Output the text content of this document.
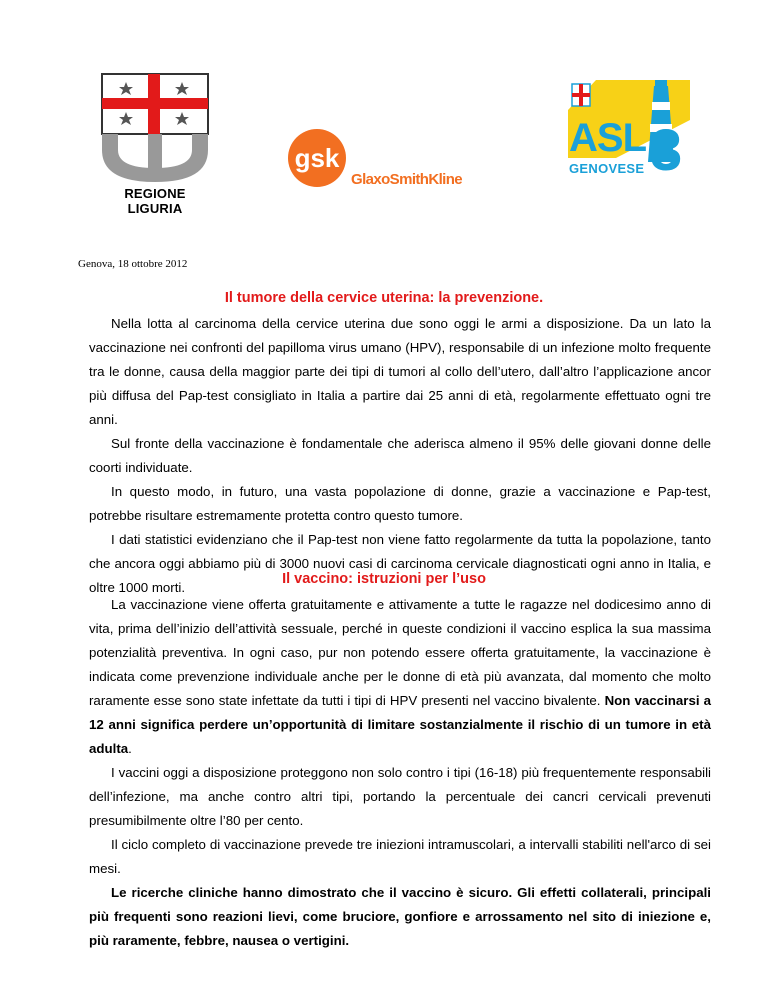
REGIONE LIGURIA
gsk
GlaxoSmithKline
ASL 3
GENOVESE
Genova, 18 ottobre 2012
Il tumore della cervice uterina: la prevenzione.

Nella lotta al carcinoma della cervice uterina due sono oggi le armi a disposizione. Da un lato la vaccinazione nei confronti del papilloma virus umano (HPV), responsabile di un infezione molto frequente tra le donne, causa della maggior parte dei tipi di tumori al collo dell’utero, dall’altro l’applicazione ancor più diffusa del Pap-test consigliato in Italia a partire dai 25 anni di età, regolarmente effettuato ogni tre anni.

Sul fronte della vaccinazione è fondamentale che aderisca almeno il 95% delle giovani donne delle coorti individuate.

In questo modo, in futuro, una vasta popolazione di donne, grazie a vaccinazione e Pap-test, potrebbe risultare estremamente protetta contro questo tumore.

I dati statistici evidenziano che il Pap-test non viene fatto regolarmente da tutta la popolazione, tanto che ancora oggi abbiamo più di 3000 nuovi casi di carcinoma cervicale diagnosticati ogni anno in Italia, e oltre 1000 morti.

Il vaccino: istruzioni per l’uso

La vaccinazione viene offerta gratuitamente e attivamente a tutte le ragazze nel dodicesimo anno di vita, prima dell’inizio dell’attività sessuale, perché in queste condizioni il vaccino esplica la sua massima potenzialità preventiva. In ogni caso, pur non potendo essere offerta gratuitamente, la vaccinazione è indicata come prevenzione individuale anche per le donne di età più avanzata, dal momento che molto raramente esse sono state infettate da tutti i tipi di HPV presenti nel vaccino bivalente. Non vaccinarsi a 12 anni significa perdere un’opportunità di limitare sostanzialmente il rischio di un tumore in età adulta.

I vaccini oggi a disposizione proteggono non solo contro i tipi (16-18) più frequentemente responsabili dell’infezione, ma anche contro altri tipi, portando la percentuale dei cancri cervicali prevenuti presumibilmente oltre l’80 per cento.

Il ciclo completo di vaccinazione prevede tre iniezioni intramuscolari, a intervalli stabiliti nell'arco di sei mesi.

Le ricerche cliniche hanno dimostrato che il vaccino è sicuro. Gli effetti collaterali, principali più frequenti sono reazioni lievi, come bruciore, gonfiore e arrossamento nel sito di iniezione e, più raramente, febbre, nausea o vertigini.
